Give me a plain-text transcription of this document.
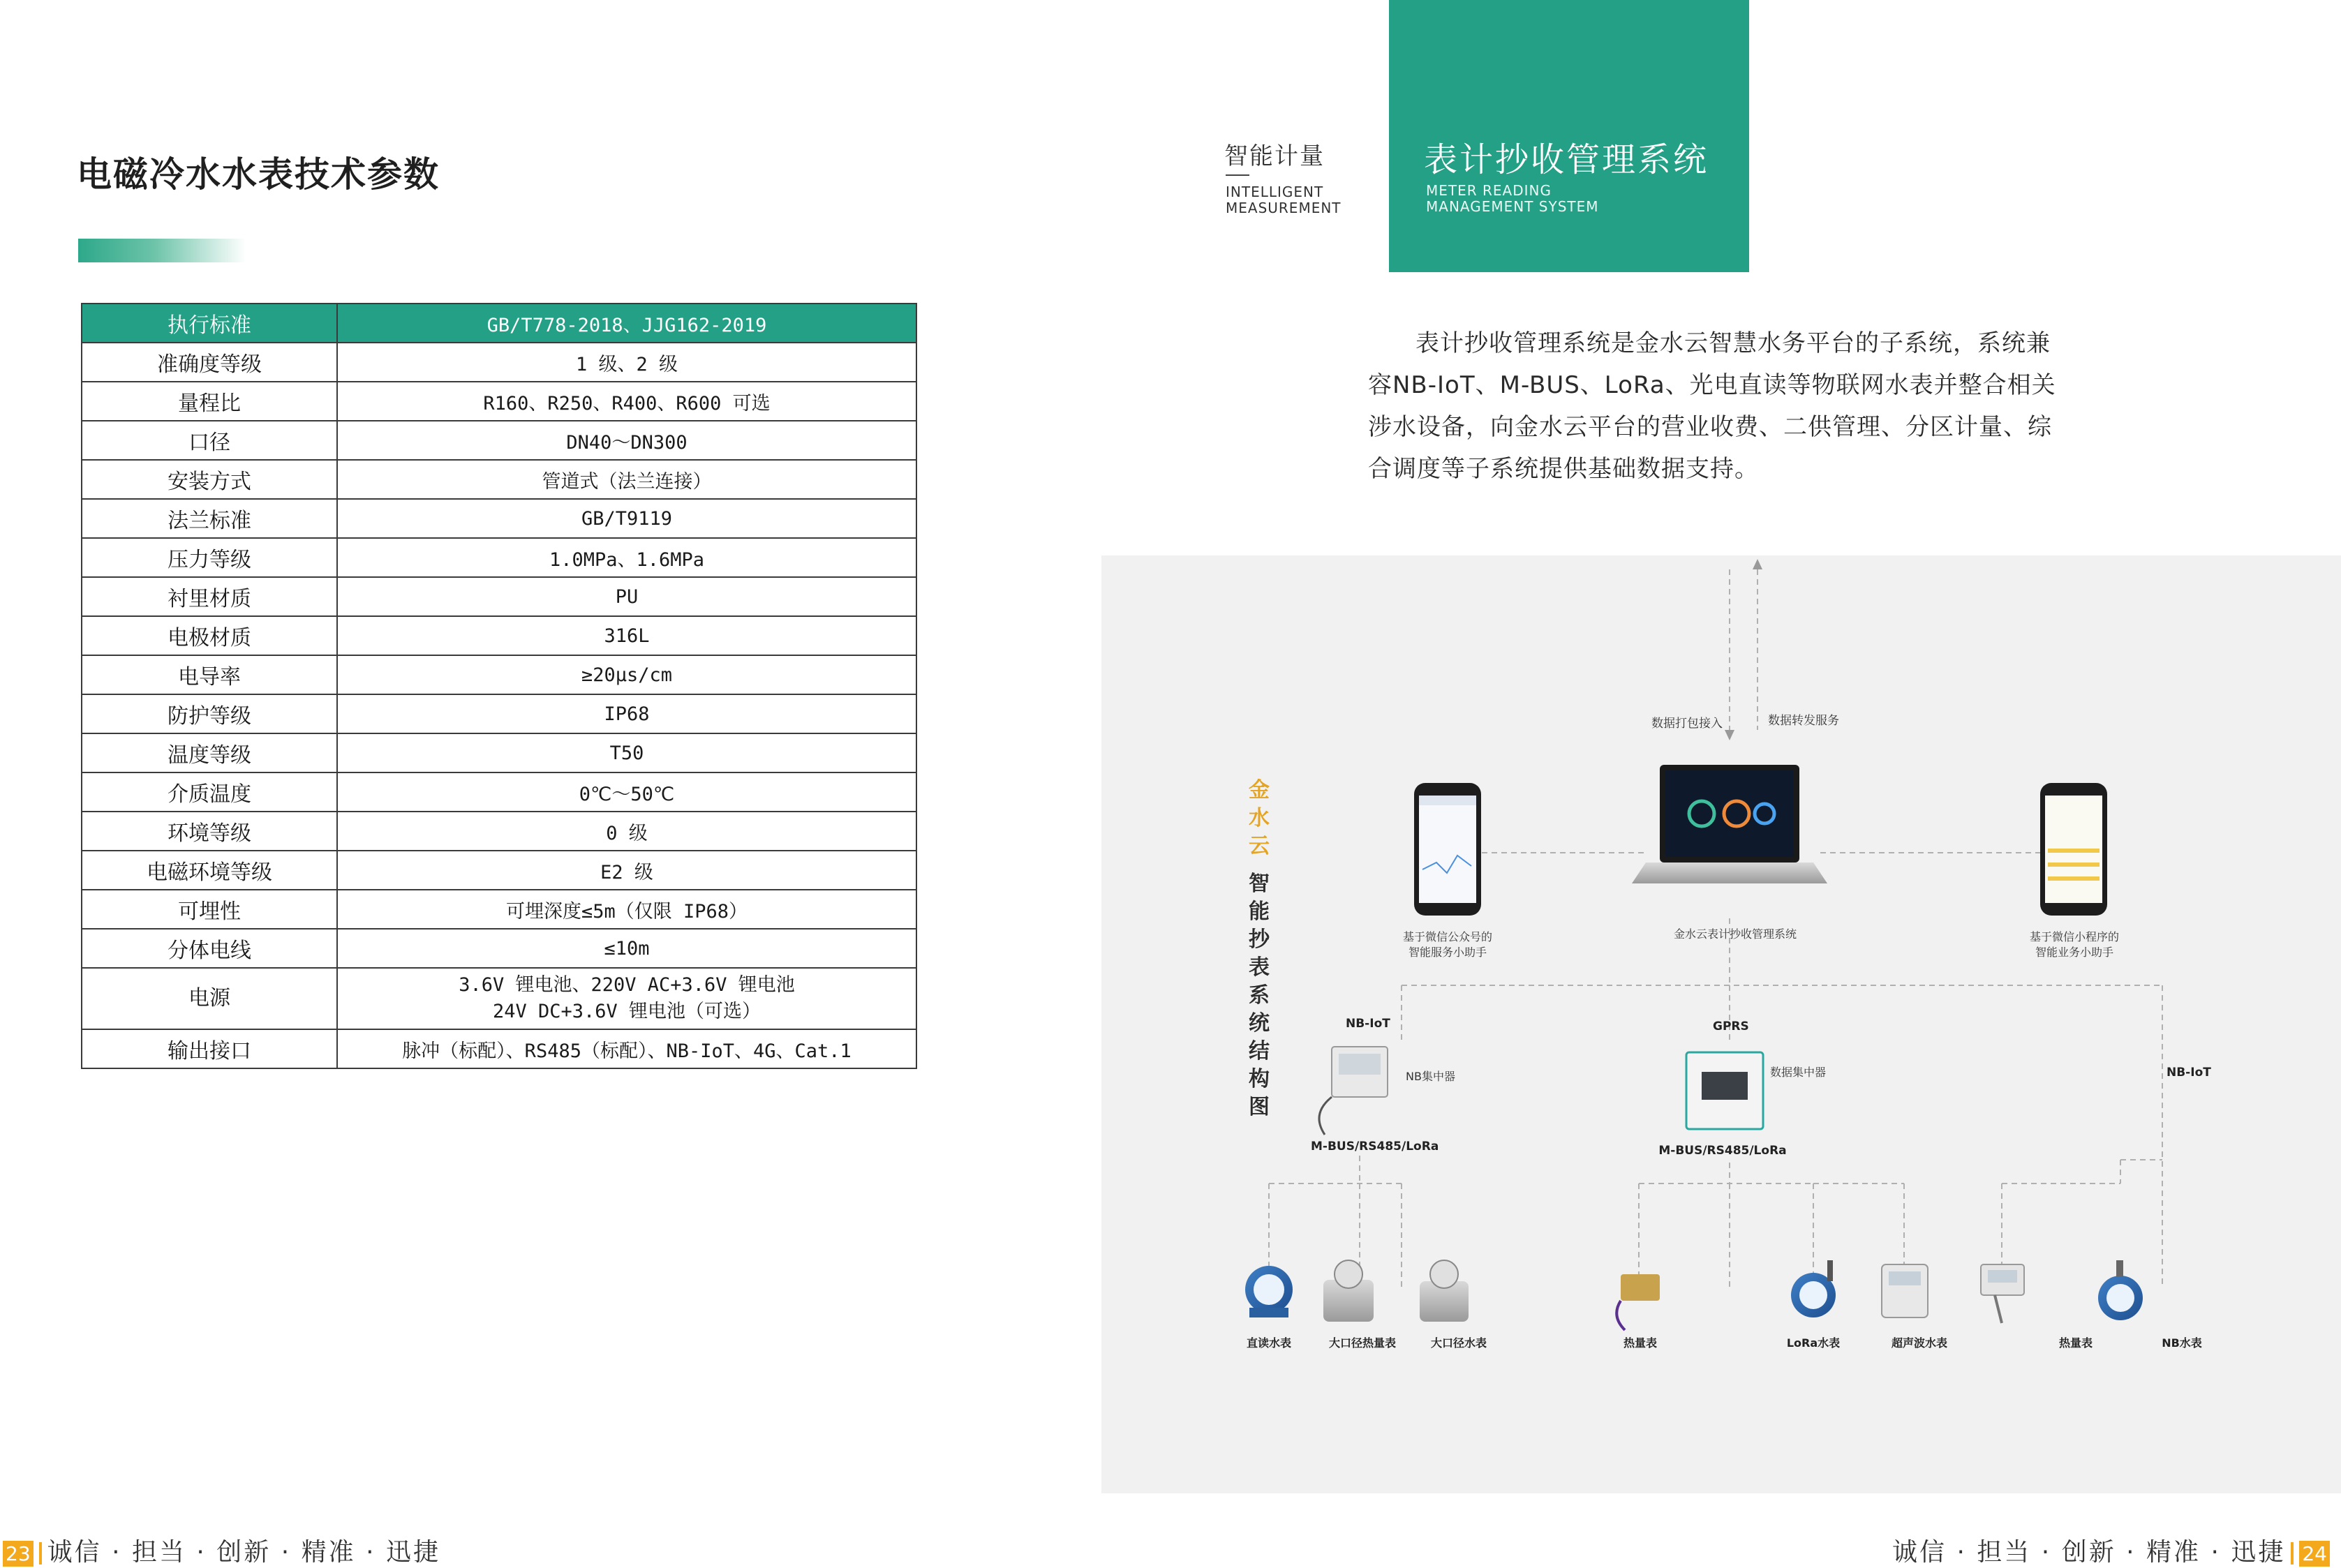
电磁冷水水表技术参数
执行标准	GB/T778-2018、JJG162-2019
准确度等级	1 级、2 级
量程比	R160、R250、R400、R600 可选
口径	DN40～DN300
安装方式	管道式（法兰连接）
法兰标准	GB/T9119
压力等级	1.0MPa、1.6MPa
衬里材质	PU
电极材质	316L
电导率	≥20μs/cm
防护等级	IP68
温度等级	T50
介质温度	0℃～50℃
环境等级	0 级
电磁环境等级	E2 级
可埋性	可埋深度≤5m（仅限 IP68）
分体电线	≤10m
电源	3.6V 锂电池、220V AC+3.6V 锂电池
24V DC+3.6V 锂电池（可选）

输出接口	脉冲（标配）、RS485（标配）、NB-IoT、4G、Cat.1
23 诚信 · 担当 · 创新 · 精准 · 迅捷
智能计量
INTELLIGENT
MEASUREMENT
表计抄收管理系统
METER READING
MANAGEMENT SYSTEM
表计抄收管理系统是金水云智慧水务平台的子系统，系统兼容NB-IoT、M-BUS、LoRa、光电直读等物联网水表并整合相关涉水设备，向金水云平台的营业收费、二供管理、分区计量、综合调度等子系统提供基础数据支持。
金水云
智能抄表系统结构图
数据打包接入	数据转发服务
基于微信公众号的
智能服务小助手
金水云表计抄收管理系统	基于微信小程序的
智能业务小助手
NB-IoT
NB集中器
M-BUS/RS485/LoRa
GPRS
数据集中器
M-BUS/RS485/LoRa
NB-IoT
直读水表	大口径热量表	大口径水表	热量表	LoRa水表	超声波水表	热量表	NB水表
诚信 · 担当 · 创新 · 精准 · 迅捷 24
